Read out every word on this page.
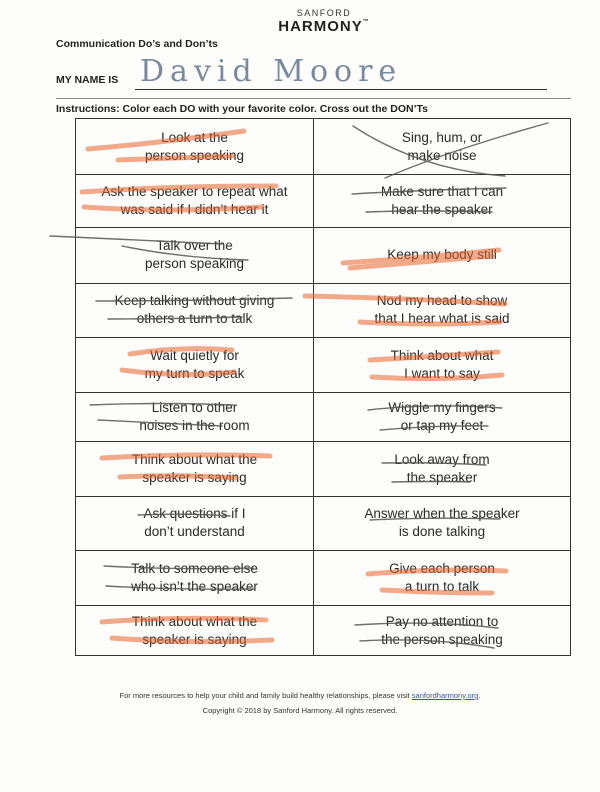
SANFORD
HARMONY™
Communication Do’s and Don’ts
MY NAME IS David Moore
Instructions: Color each DO with your favorite color. Cross out the DON’Ts
Look at the
person speaking
Sing, hum, or
make noise
Ask the speaker to repeat what
was said if I didn’t hear it
Make sure that I can
hear the speaker
Talk over the
person speaking
Keep my body still
Keep talking without giving
others a turn to talk
Nod my head to show
that I hear what is said
Wait quietly for
my turn to speak
Think about what
I want to say
Listen to other
noises in the room
Wiggle my fingers
or tap my feet
Think about what the
speaker is saying
Look away from
the speaker
Ask questions if I
don’t understand
Answer when the speaker
is done talking
Talk to someone else
who isn’t the speaker
Give each person
a turn to talk
Think about what the
speaker is saying
Pay no attention to
the person speaking
For more resources to help your child and family build healthy relationships, please visit sanfordharmony.org.
Copyright © 2018 by Sanford Harmony. All rights reserved.
